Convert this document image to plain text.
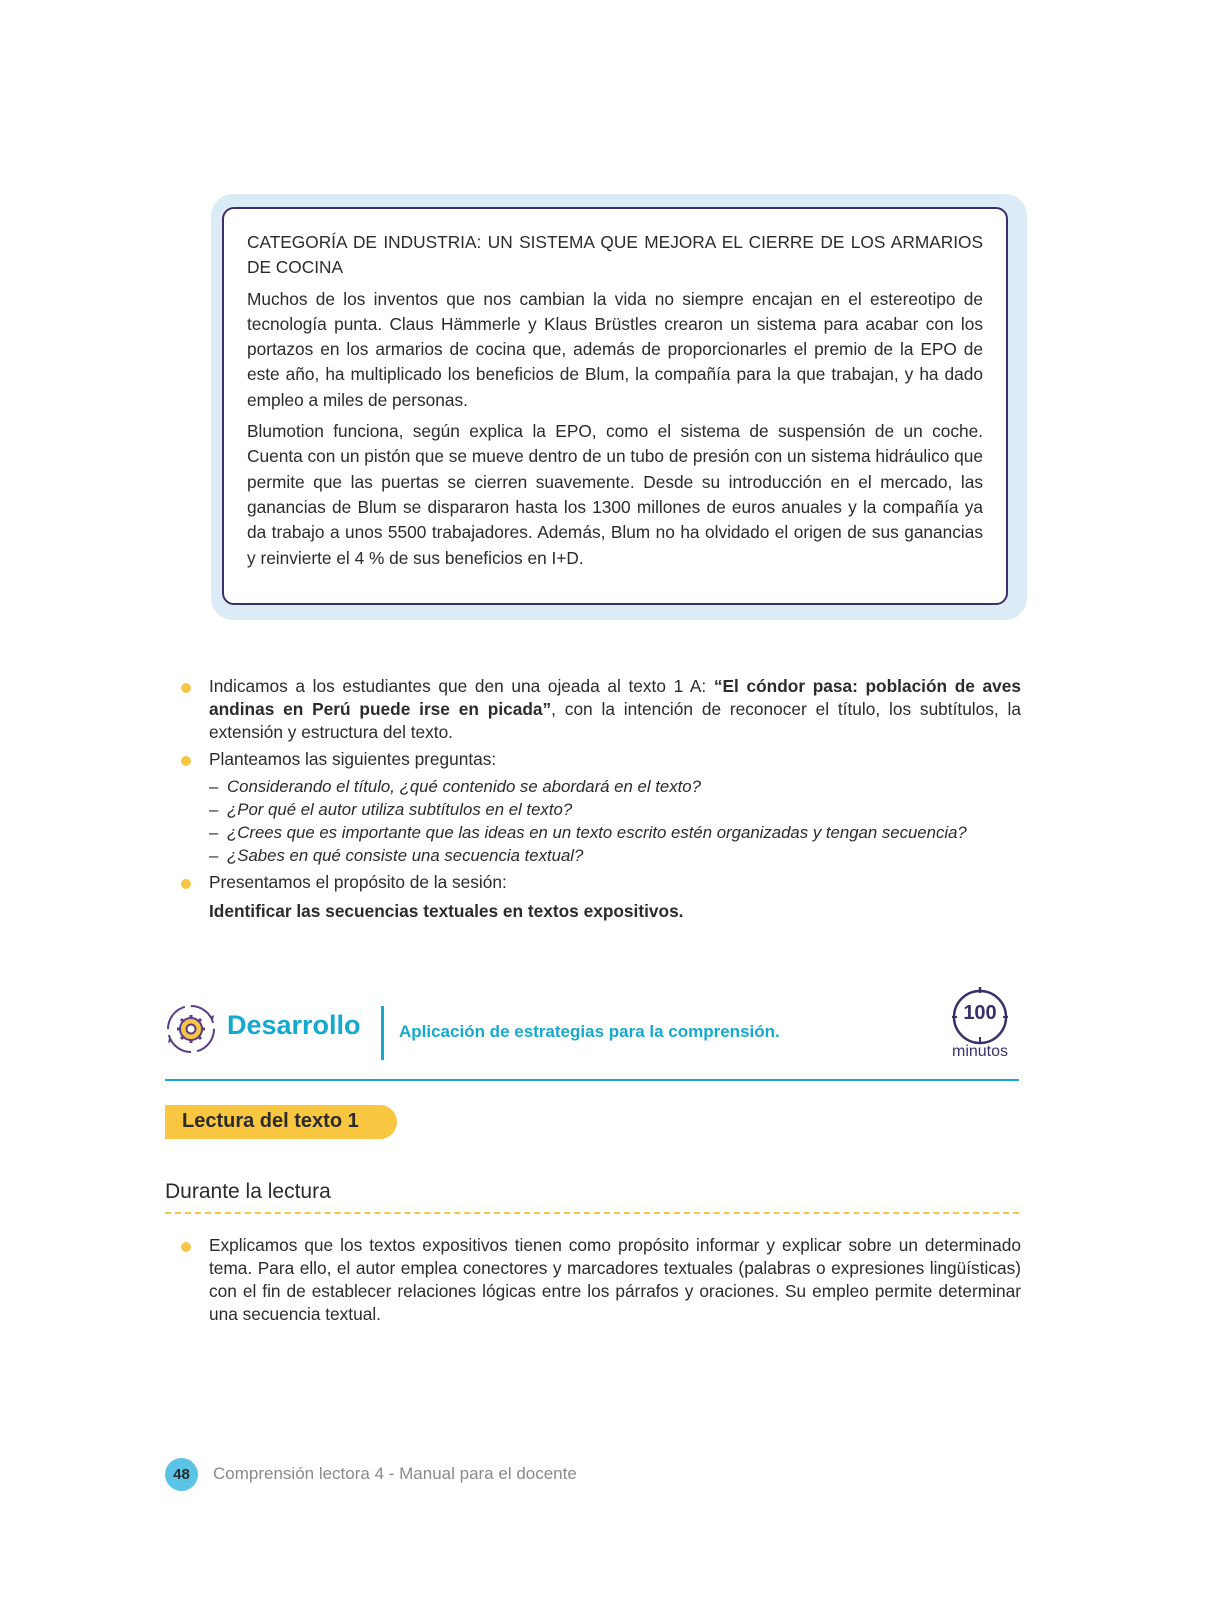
CATEGORÍA DE INDUSTRIA: UN SISTEMA QUE MEJORA EL CIERRE DE LOS ARMARIOS DE COCINA

Muchos de los inventos que nos cambian la vida no siempre encajan en el estereotipo de tecnología punta. Claus Hämmerle y Klaus Brüstles crearon un sistema para acabar con los portazos en los armarios de cocina que, además de proporcionarles el premio de la EPO de este año, ha multiplicado los beneficios de Blum, la compañía para la que trabajan, y ha dado empleo a miles de personas.

Blumotion funciona, según explica la EPO, como el sistema de suspensión de un coche. Cuenta con un pistón que se mueve dentro de un tubo de presión con un sistema hidráulico que permite que las puertas se cierren suavemente. Desde su introducción en el mercado, las ganancias de Blum se dispararon hasta los 1300 millones de euros anuales y la compañía ya da trabajo a unos 5500 trabajadores. Además, Blum no ha olvidado el origen de sus ganancias y reinvierte el 4 % de sus beneficios en I+D.

Indicamos a los estudiantes que den una ojeada al texto 1 A: “El cóndor pasa: población de aves andinas en Perú puede irse en picada”, con la intención de reconocer el título, los subtítulos, la extensión y estructura del texto.
Planteamos las siguientes preguntas:
– Considerando el título, ¿qué contenido se abordará en el texto?
– ¿Por qué el autor utiliza subtítulos en el texto?
– ¿Crees que es importante que las ideas en un texto escrito estén organizadas y tengan secuencia?
– ¿Sabes en qué consiste una secuencia textual?
Presentamos el propósito de la sesión:
Identificar las secuencias textuales en textos expositivos.
Desarrollo Aplicación de estrategias para la comprensión.
100
minutos
Lectura del texto 1
Durante la lectura
Explicamos que los textos expositivos tienen como propósito informar y explicar sobre un determinado tema. Para ello, el autor emplea conectores y marcadores textuales (palabras o expresiones lingüísticas) con el fin de establecer relaciones lógicas entre los párrafos y oraciones. Su empleo permite determinar una secuencia textual.
48	Comprensión lectora 4 - Manual para el docente
